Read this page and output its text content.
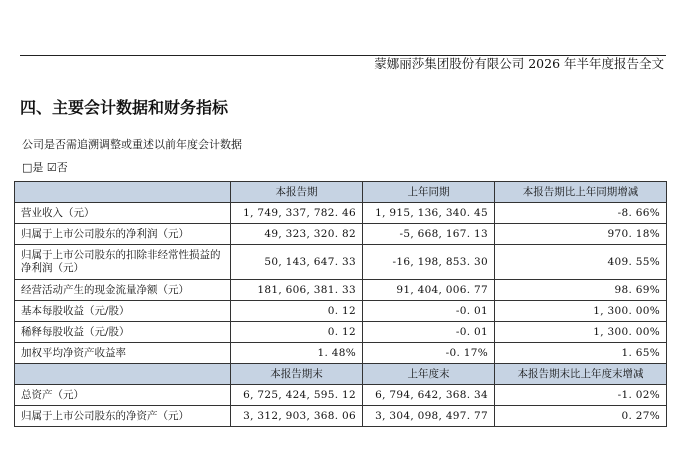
蒙娜丽莎集团股份有限公司 2026 年半年度报告全文
四、主要会计数据和财务指标
公司是否需追溯调整或重述以前年度会计数据
□是 ☑否
	本报告期	上年同期	本报告期比上年同期增减
营业收入（元）	1, 749, 337, 782. 46	1, 915, 136, 340. 45	-8. 66%
归属于上市公司股东的净利润（元）	49, 323, 320. 82	-5, 668, 167. 13	970. 18%
归属于上市公司股东的扣除非经常性损益的净利润（元）	50, 143, 647. 33	-16, 198, 853. 30	409. 55%
经营活动产生的现金流量净额（元）	181, 606, 381. 33	91, 404, 006. 77	98. 69%
基本每股收益（元/股）	0. 12	-0. 01	1, 300. 00%
稀释每股收益（元/股）	0. 12	-0. 01	1, 300. 00%
加权平均净资产收益率	1. 48%	-0. 17%	1. 65%
	本报告期末	上年度末	本报告期末比上年度末增减
总资产（元）	6, 725, 424, 595. 12	6, 794, 642, 368. 34	-1. 02%
归属于上市公司股东的净资产（元）	3, 312, 903, 368. 06	3, 304, 098, 497. 77	0. 27%
